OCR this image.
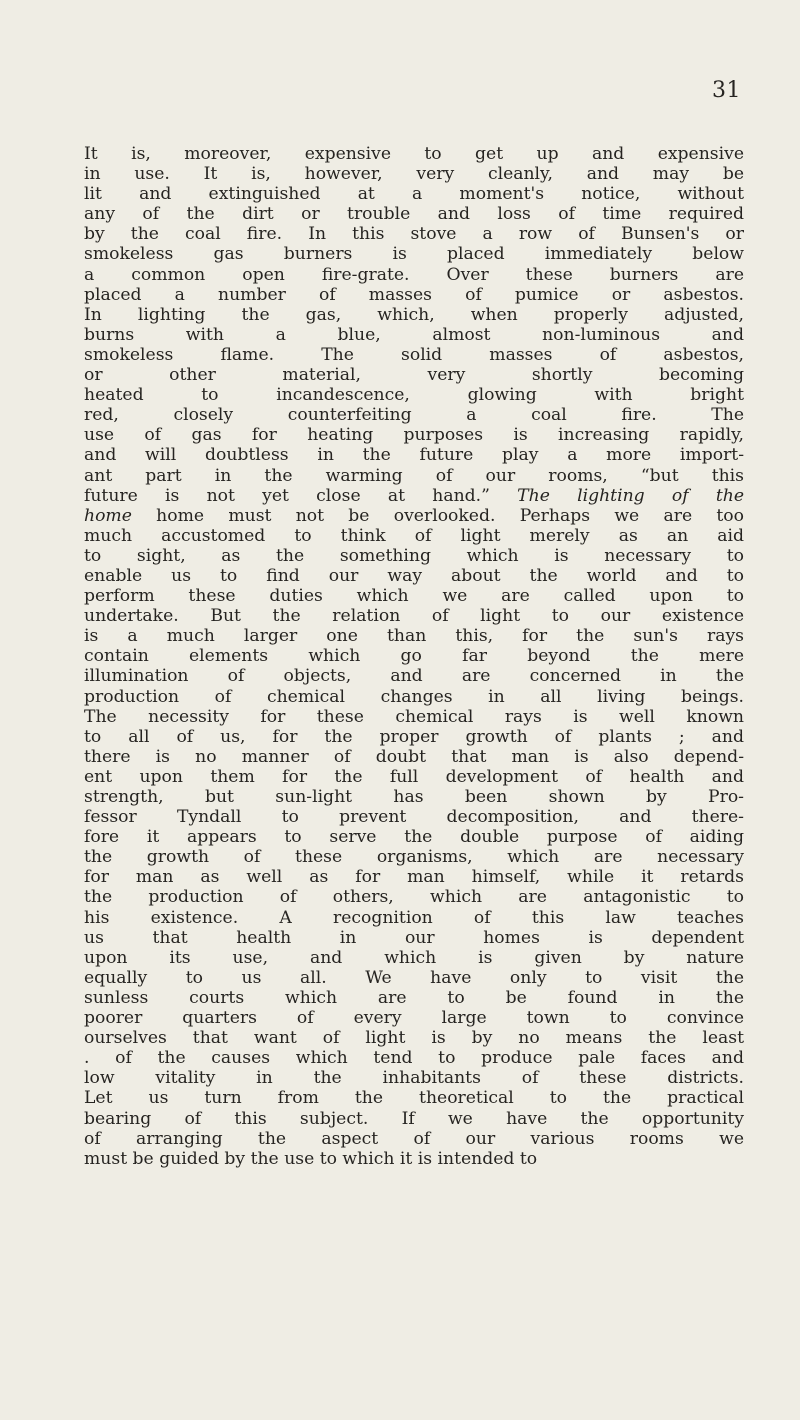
31
It is, moreover, expensive to get up and expensive
in use. It is, however, very cleanly, and may be
lit and extinguished at a moment's notice, without
any of the dirt or trouble and loss of time required
by the coal fire. In this stove a row of Bunsen's or
smokeless gas burners is placed immediately below
a common open fire-grate. Over these burners are
placed a number of masses of pumice or asbestos.
In lighting the gas, which, when properly adjusted,
burns with a blue, almost non-luminous and
smokeless flame. The solid masses of asbestos,
or other material, very shortly becoming
heated to incandescence, glowing with bright
red, closely counterfeiting a coal fire. The
use of gas for heating purposes is increasing rapidly,
and will doubtless in the future play a more import-
ant part in the warming of our rooms, “but this
future is not yet close at hand.” The lighting of the
home home must not be overlooked. Perhaps we are too
much accustomed to think of light merely as an aid
to sight, as the something which is necessary to
enable us to find our way about the world and to
perform these duties which we are called upon to
undertake. But the relation of light to our existence
is a much larger one than this, for the sun's rays
contain elements which go far beyond the mere
illumination of objects, and are concerned in the
production of chemical changes in all living beings.
The necessity for these chemical rays is well known
to all of us, for the proper growth of plants ; and
there is no manner of doubt that man is also depend-
ent upon them for the full development of health and
strength, but sun-light has been shown by Pro-
fessor Tyndall to prevent decomposition, and there-
fore it appears to serve the double purpose of aiding
the growth of these organisms, which are necessary
for man as well as for man himself, while it retards
the production of others, which are antagonistic to
his existence. A recognition of this law teaches
us that health in our homes is dependent
upon its use, and which is given by nature
equally to us all. We have only to visit the
sunless courts which are to be found in the
poorer quarters of every large town to convince
ourselves that want of light is by no means the least
. of the causes which tend to produce pale faces and
low vitality in the inhabitants of these districts.
Let us turn from the theoretical to the practical
bearing of this subject. If we have the opportunity
of arranging the aspect of our various rooms we
must be guided by the use to which it is intended to
